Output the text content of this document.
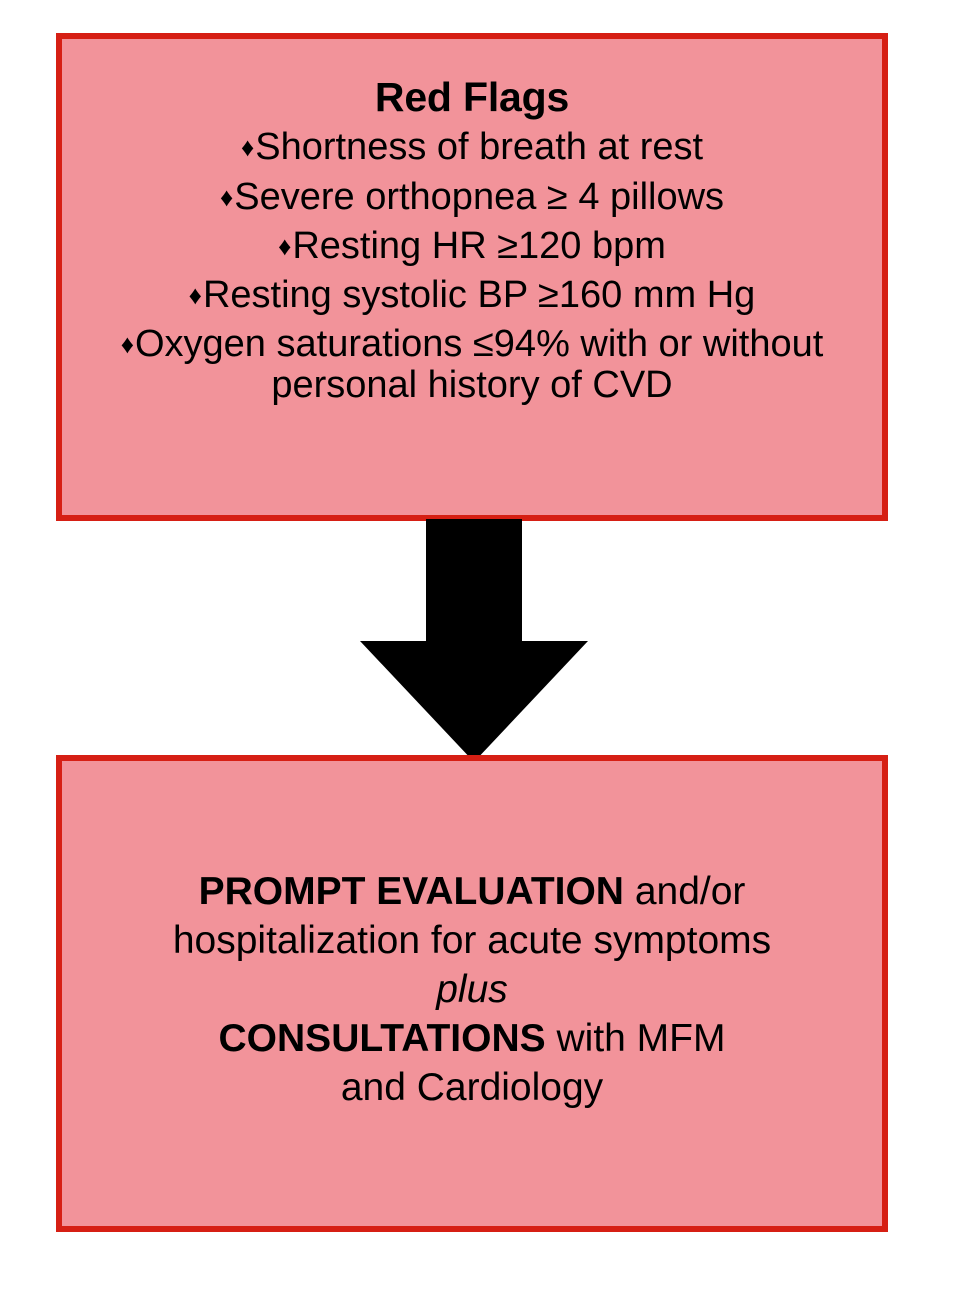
Red Flags
♦Shortness of breath at rest
♦Severe orthopnea ≥ 4 pillows
♦Resting HR ≥120 bpm
♦Resting systolic BP ≥160 mm Hg
♦Oxygen saturations ≤94% with or without personal history of CVD
PROMPT EVALUATION and/or
hospitalization for acute symptoms
plus
CONSULTATIONS with MFM
and Cardiology
